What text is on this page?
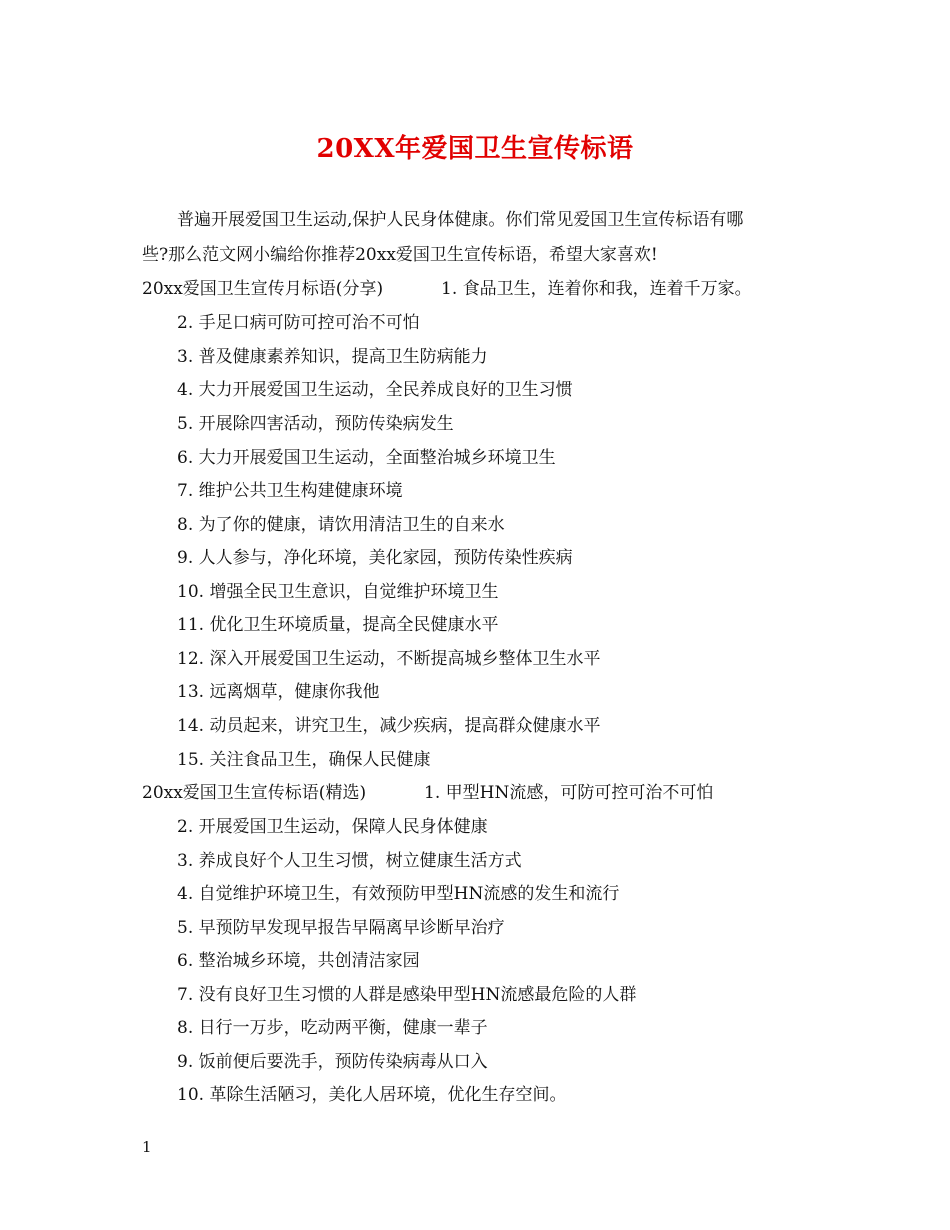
20XX年爱国卫生宣传标语
普遍开展爱国卫生运动,保护人民身体健康。你们常见爱国卫生宣传标语有哪
些?那么范文网小编给你推荐20xx爱国卫生宣传标语，希望大家喜欢!
20xx爱国卫生宣传月标语(分享)	1. 食品卫生，连着你和我，连着千万家。
2. 手足口病可防可控可治不可怕
3. 普及健康素养知识，提高卫生防病能力
4. 大力开展爱国卫生运动，全民养成良好的卫生习惯
5. 开展除四害活动，预防传染病发生
6. 大力开展爱国卫生运动，全面整治城乡环境卫生
7. 维护公共卫生构建健康环境
8. 为了你的健康，请饮用清洁卫生的自来水
9. 人人参与，净化环境，美化家园，预防传染性疾病
10. 增强全民卫生意识，自觉维护环境卫生
11. 优化卫生环境质量，提高全民健康水平
12. 深入开展爱国卫生运动，不断提高城乡整体卫生水平
13. 远离烟草，健康你我他
14. 动员起来，讲究卫生，减少疾病，提高群众健康水平
15. 关注食品卫生，确保人民健康
20xx爱国卫生宣传标语(精选)	1. 甲型HN流感，可防可控可治不可怕
2. 开展爱国卫生运动，保障人民身体健康
3. 养成良好个人卫生习惯，树立健康生活方式
4. 自觉维护环境卫生，有效预防甲型HN流感的发生和流行
5. 早预防早发现早报告早隔离早诊断早治疗
6. 整治城乡环境，共创清洁家园
7. 没有良好卫生习惯的人群是感染甲型HN流感最危险的人群
8. 日行一万步，吃动两平衡，健康一辈子
9. 饭前便后要洗手，预防传染病毒从口入
10. 革除生活陋习，美化人居环境，优化生存空间。
1
